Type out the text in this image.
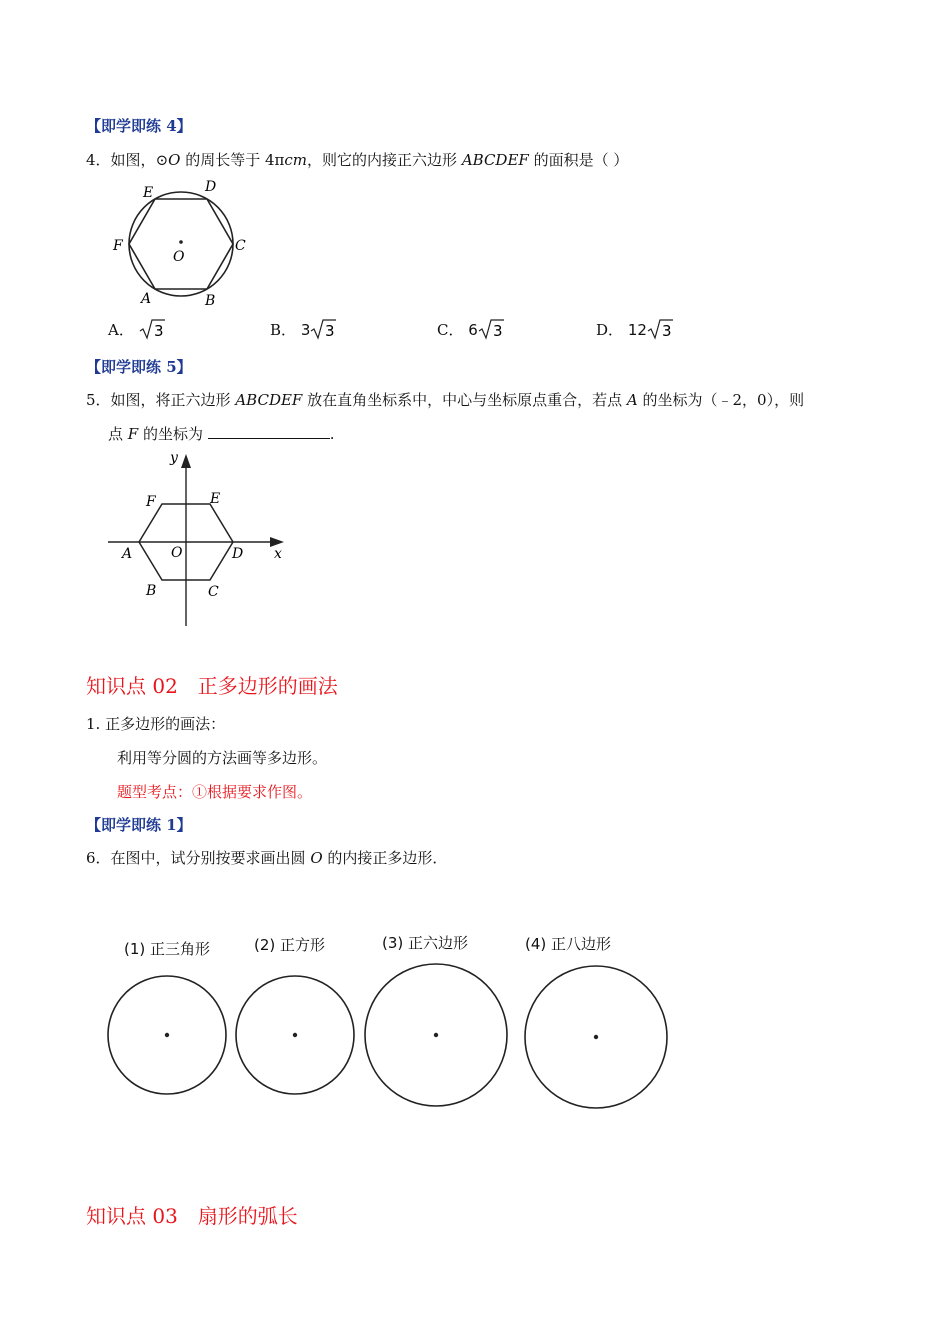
【即学即练 4】
4．如图，⊙O 的周长等于 4πcm，则它的内接正六边形 ABCDEF 的面积是（ ）
O
D
E
F	C
A	B
A． 3	B． 3 3	C． 6 3	D． 12 3
【即学即练 5】
5．如图，将正六边形 ABCDEF 放在直角坐标系中，中心与坐标原点重合，若点 A 的坐标为（﹣2，0），则
点 F 的坐标为	.
y
x
F	E
A	O	D
B	C
知识点 02　正多边形的画法
1. 正多边形的画法：
利用等分圆的方法画等多边形。
题型考点：①根据要求作图。
【即学即练 1】
6．在图中，试分别按要求画出圆 O 的内接正多边形．
(1) 正三角形	(2) 正方形	(3) 正六边形	(4) 正八边形
知识点 03　扇形的弧长
